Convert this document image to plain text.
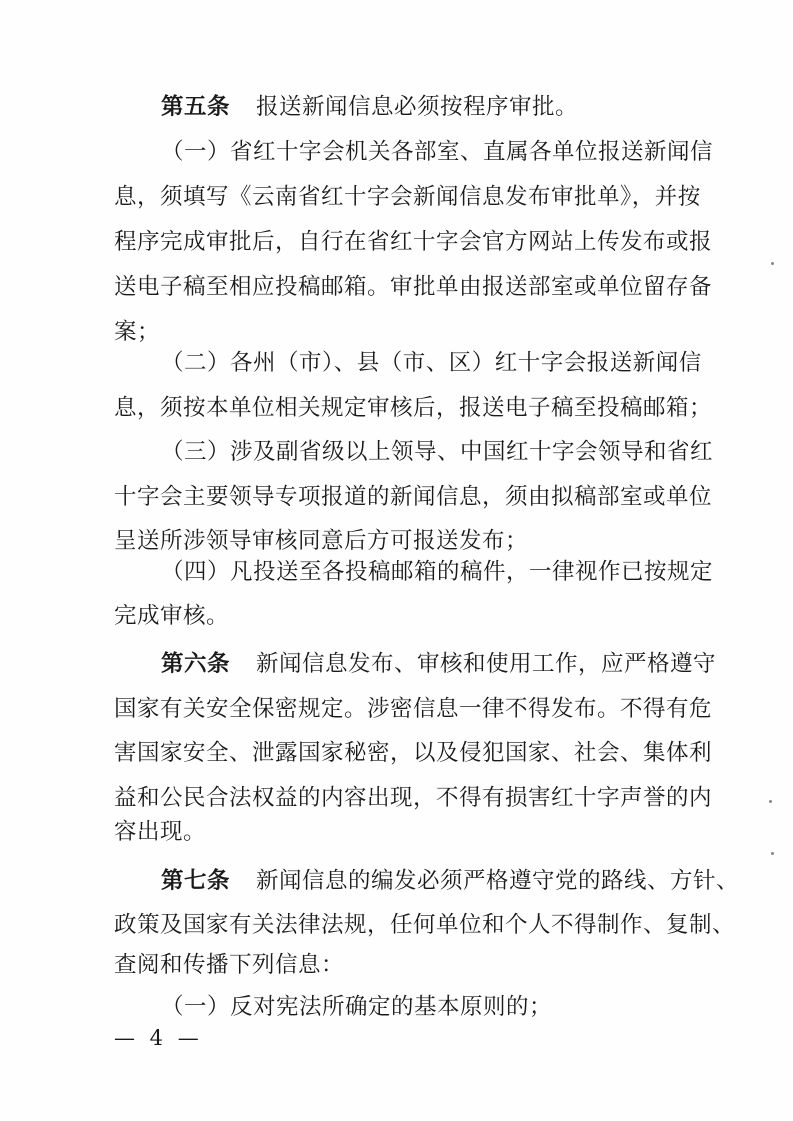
第五条 报送新闻信息必须按程序审批。
（一）省红十字会机关各部室、直属各单位报送新闻信
息，须填写《云南省红十字会新闻信息发布审批单》，并按
程序完成审批后，自行在省红十字会官方网站上传发布或报
送电子稿至相应投稿邮箱。审批单由报送部室或单位留存备
案；
（二）各州（市）、县（市、区）红十字会报送新闻信
息，须按本单位相关规定审核后，报送电子稿至投稿邮箱；
（三）涉及副省级以上领导、中国红十字会领导和省红
十字会主要领导专项报道的新闻信息，须由拟稿部室或单位
呈送所涉领导审核同意后方可报送发布；
（四）凡投送至各投稿邮箱的稿件，一律视作已按规定
完成审核。
第六条 新闻信息发布、审核和使用工作，应严格遵守
国家有关安全保密规定。涉密信息一律不得发布。不得有危
害国家安全、泄露国家秘密，以及侵犯国家、社会、集体利
益和公民合法权益的内容出现，不得有损害红十字声誉的内
容出现。
第七条 新闻信息的编发必须严格遵守党的路线、方针、
政策及国家有关法律法规，任何单位和个人不得制作、复制、
查阅和传播下列信息：
（一）反对宪法所确定的基本原则的；
— 4 —
